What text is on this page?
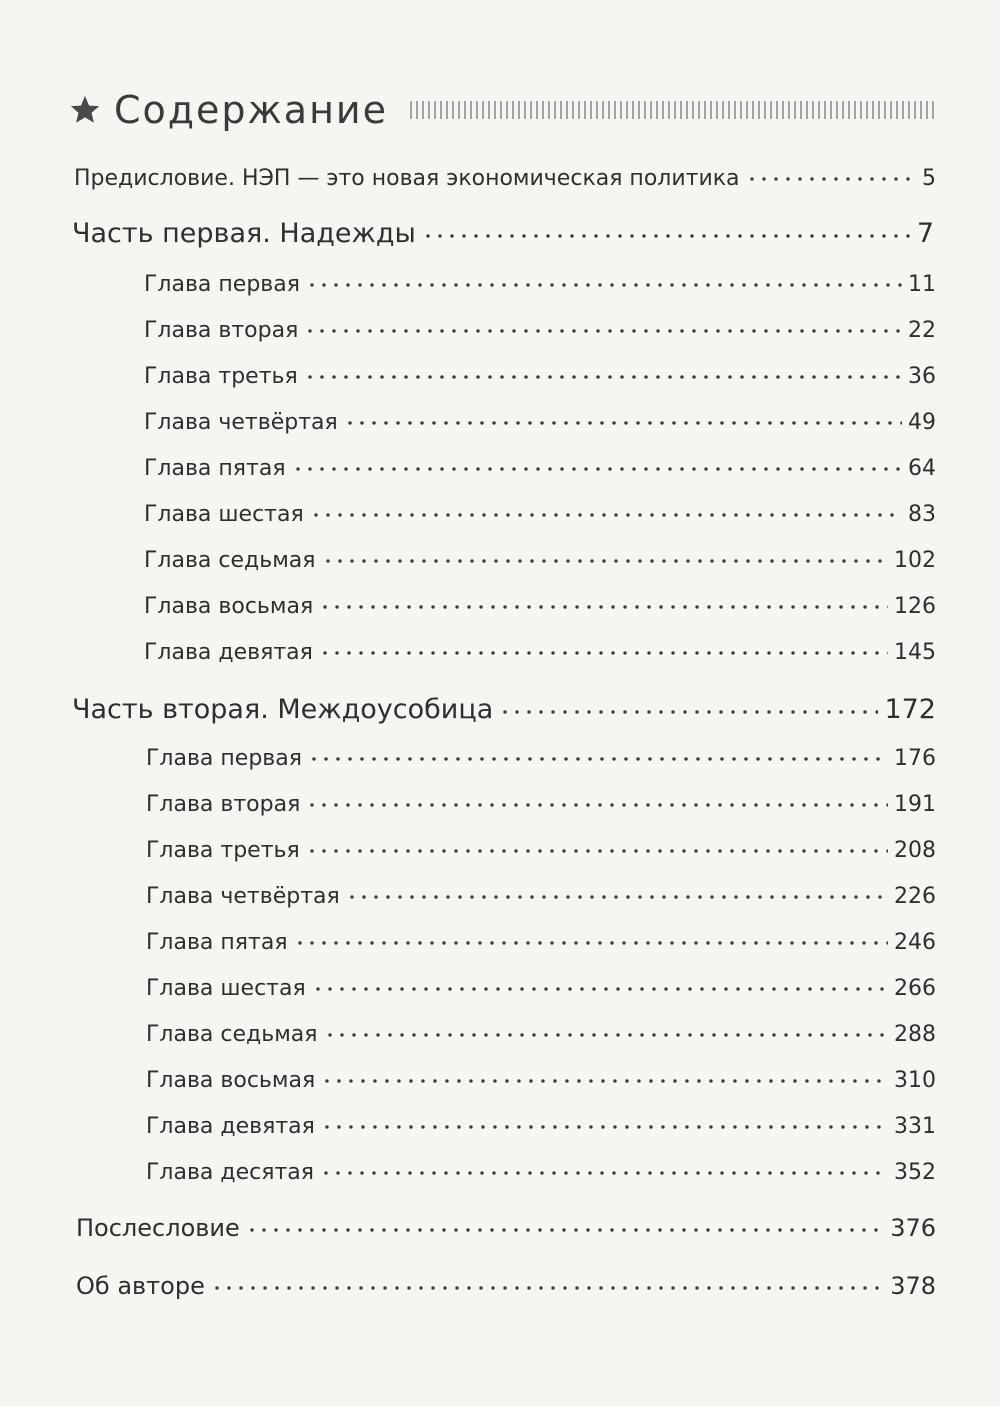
Содержание
Предисловие. НЭП — это новая экономическая политика	5
Часть первая. Надежды	7
Глава первая	11
Глава вторая	22
Глава третья	36
Глава четвёртая	49
Глава пятая	64
Глава шестая	83
Глава седьмая	102
Глава восьмая	126
Глава девятая	145
Часть вторая. Междоусобица	172
Глава первая	176
Глава вторая	191
Глава третья	208
Глава четвёртая	226
Глава пятая	246
Глава шестая	266
Глава седьмая	288
Глава восьмая	310
Глава девятая	331
Глава десятая	352
Послесловие	376
Об авторе	378
